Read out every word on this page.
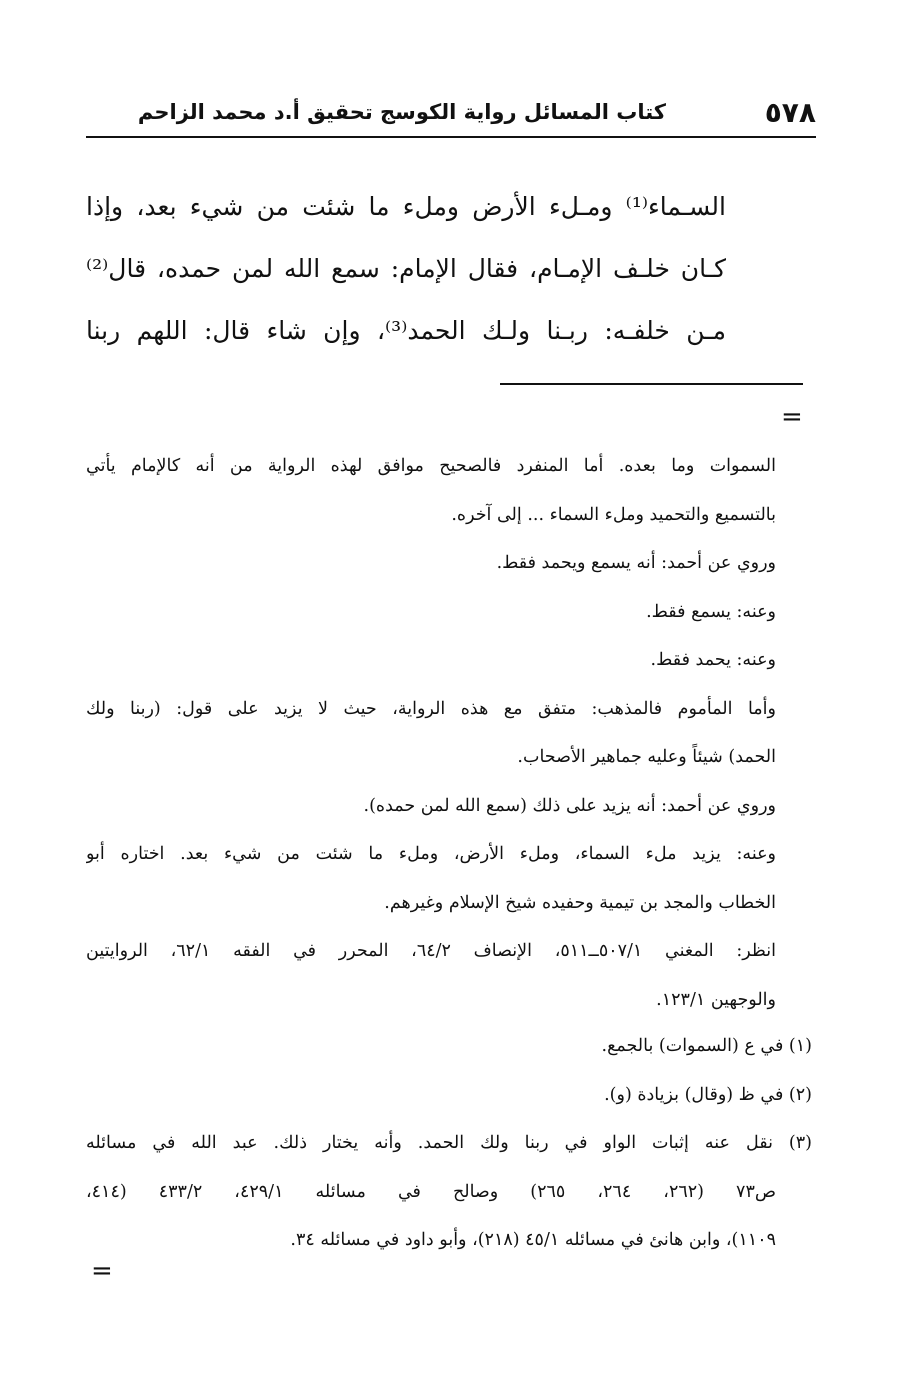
٥٧٨
كتاب المسائل رواية الكوسج تحقيق أ.د محمد الزاحم
السـماء⁽¹⁾ ومـلء الأرض وملء ما شئت من شيء بعد، وإذا
كـان خلـف الإمـام، فقال الإمام: سمع الله لمن حمده، قال⁽²⁾
مـن خلفـه: ربـنا ولـك الحمد⁽³⁾، وإن شاء قال: اللهم ربنا
=
السموات وما بعده. أما المنفرد فالصحيح موافق لهذه الرواية من أنه كالإمام يأتي
بالتسميع والتحميد وملء السماء ... إلى آخره.
وروي عن أحمد: أنه يسمع ويحمد فقط.
وعنه: يسمع فقط.
وعنه: يحمد فقط.
وأما المأموم فالمذهب: متفق مع هذه الرواية، حيث لا يزيد على قول: (ربنا ولك
الحمد) شيئاً وعليه جماهير الأصحاب.
وروي عن أحمد: أنه يزيد على ذلك (سمع الله لمن حمده).
وعنه: يزيد ملء السماء، وملء الأرض، وملء ما شئت من شيء بعد. اختاره أبو
الخطاب والمجد بن تيمية وحفيده شيخ الإسلام وغيرهم.
انظر: المغني ٥٠٧/١ــ٥١١، الإنصاف ٦٤/٢، المحرر في الفقه ٦٢/١، الروايتين
والوجهين ١٢٣/١.
(١) في ع (السموات) بالجمع.
(٢) في ظ (وقال) بزيادة (و).
(٣) نقل عنه إثبات الواو في ربنا ولك الحمد. وأنه يختار ذلك. عبد الله في مسائله
ص٧٣ (٢٦٢، ٢٦٤، ٢٦٥) وصالح في مسائله ٤٢٩/١، ٤٣٣/٢ (٤١٤،
١١٠٩)، وابن هانئ في مسائله ٤٥/١ (٢١٨)، وأبو داود في مسائله ٣٤.
=
